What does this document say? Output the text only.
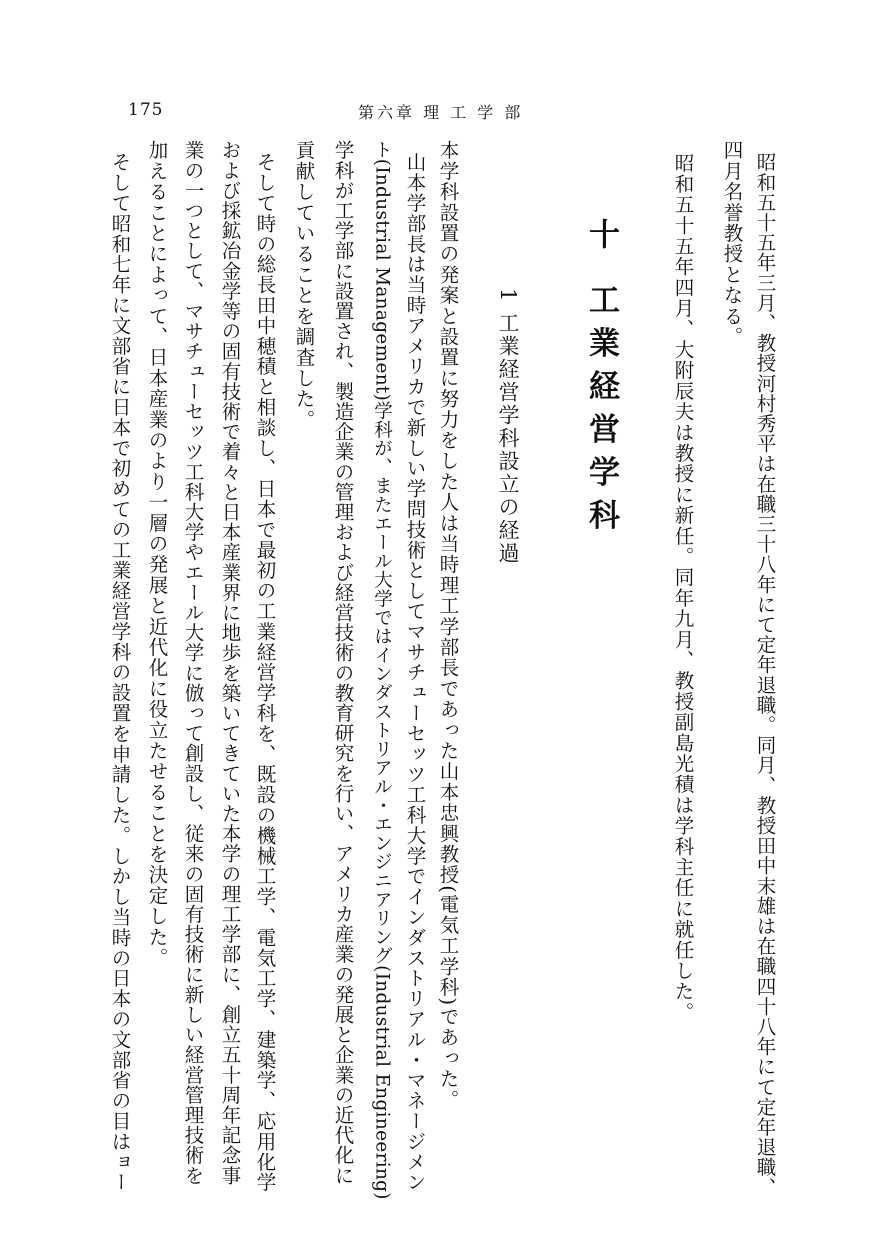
175	第六章 理 工 学 部
昭和五十五年三月、教授河村秀平は在職三十八年にて定年退職。同月、教授田中末雄は在職四十八年にて定年退職、
四月名誉教授となる。
昭和五十五年四月、大附辰夫は教授に新任。同年九月、教授副島光積は学科主任に就任した。
十 工業経営学科
1 工業経営学科設立の経過
本学科設置の発案と設置に努力をした人は当時理工学部長であった山本忠興教授(電気工学科)であった。
山本学部長は当時アメリカで新しい学問技術としてマサチューセッツ工科大学でインダストリアル・マネージメン
ト(Industrial Management)学科が、またエール大学ではインダストリアル・エンジニアリング(Industrial Engineering)
学科が工学部に設置され、製造企業の管理および経営技術の教育研究を行い、アメリカ産業の発展と企業の近代化に
貢献していることを調査した。
そして時の総長田中穂積と相談し、日本で最初の工業経営学科を、既設の機械工学、電気工学、建築学、応用化学
および採鉱冶金学等の固有技術で着々と日本産業界に地歩を築いてきていた本学の理工学部に、創立五十周年記念事
業の一つとして、マサチューセッツ工科大学やエール大学に倣って創設し、従来の固有技術に新しい経営管理技術を
加えることによって、日本産業のより一層の発展と近代化に役立たせることを決定した。
そして昭和七年に文部省に日本で初めての工業経営学科の設置を申請した。しかし当時の日本の文部省の目はョー
